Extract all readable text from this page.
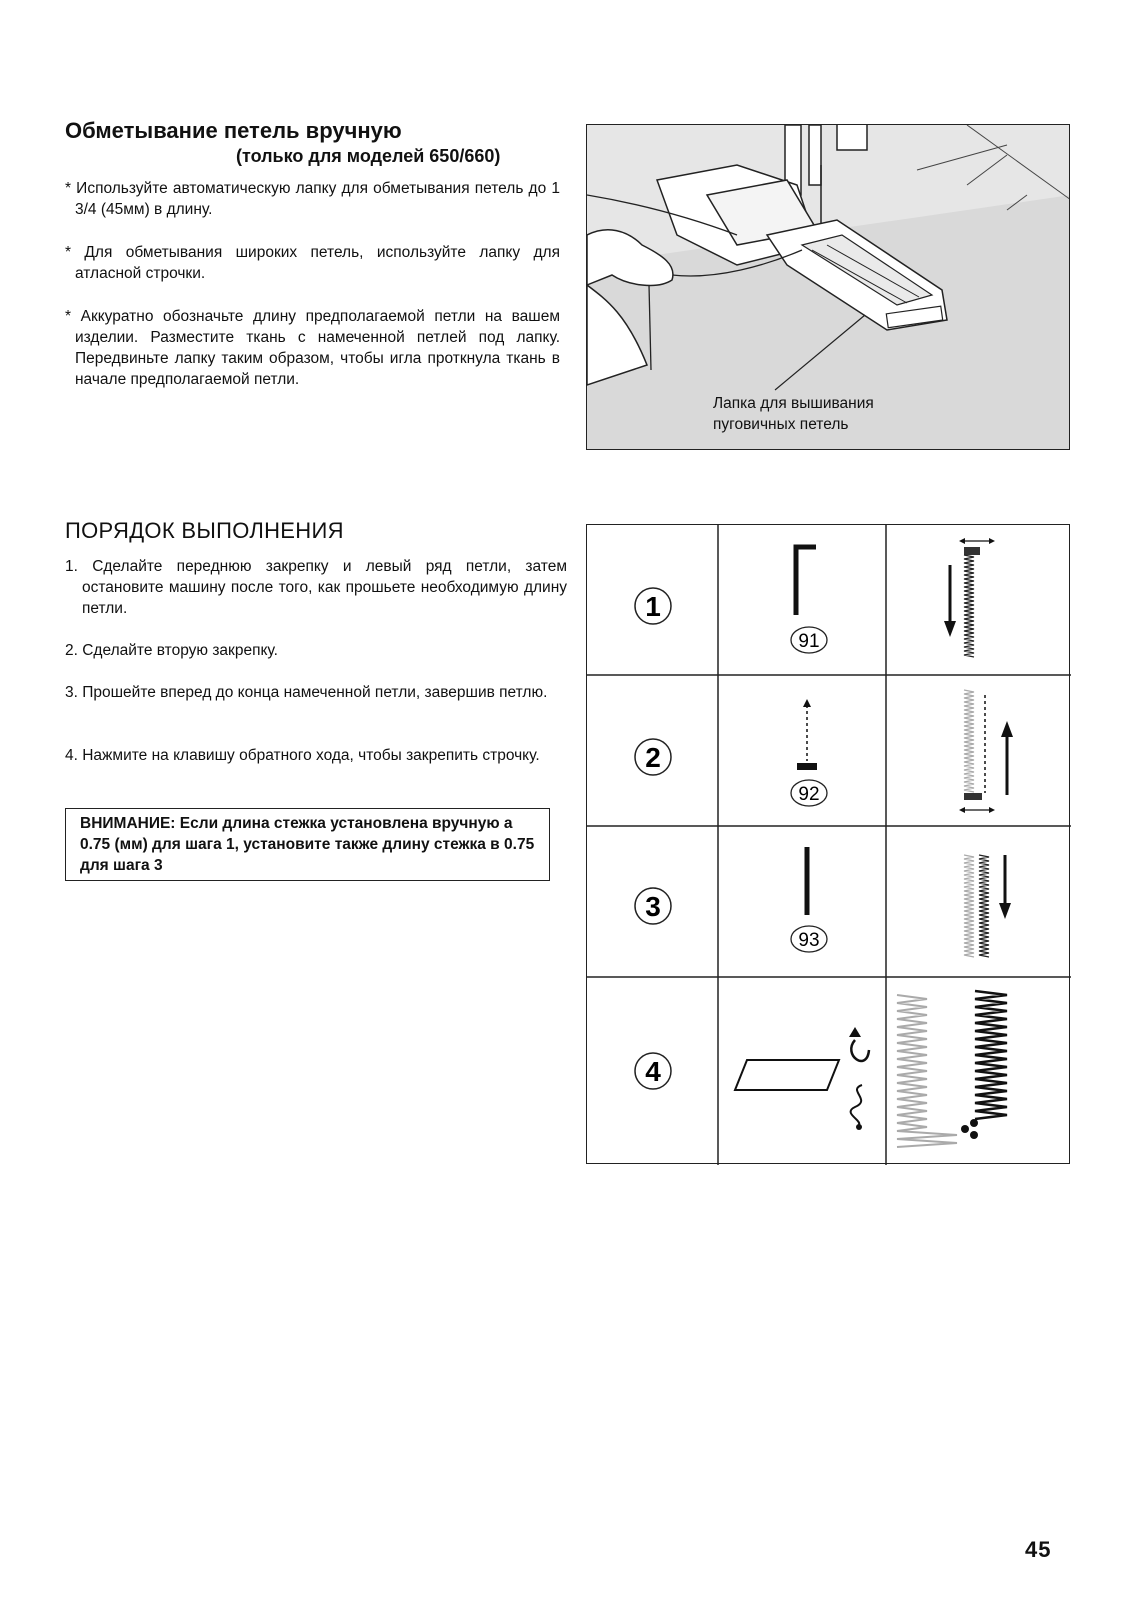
Обметывание петель вручную
(только для моделей 650/660)
* Используйте автоматическую лапку для обметывания петель до 1 3/4 (45мм) в длину.
* Для обметывания широких петель, используйте лапку для атласной строчки.
* Аккуратно обозначьте длину предполагаемой петли на вашем изделии. Разместите ткань с намеченной петлей под лапку. Передвиньте лапку таким образом, чтобы игла проткнула ткань в начале предполагаемой петли.
Лапка для вышивания
пуговичных петель
ПОРЯДОК ВЫПОЛНЕНИЯ
1. Сделайте переднюю закрепку и левый ряд петли, затем остановите машину после того, как прошьете необходимую длину петли.
2. Сделайте вторую закрепку.
3. Прошейте вперед до конца намеченной петли, завершив петлю.
4. Нажмите на клавишу обратного хода, чтобы закрепить строчку.
ВНИМАНИЕ: Если длина стежка установлена вручную а 0.75 (мм) для шага 1, установите также длину стежка в 0.75 для шага 3
1
91
2
92
3
93
4
45
